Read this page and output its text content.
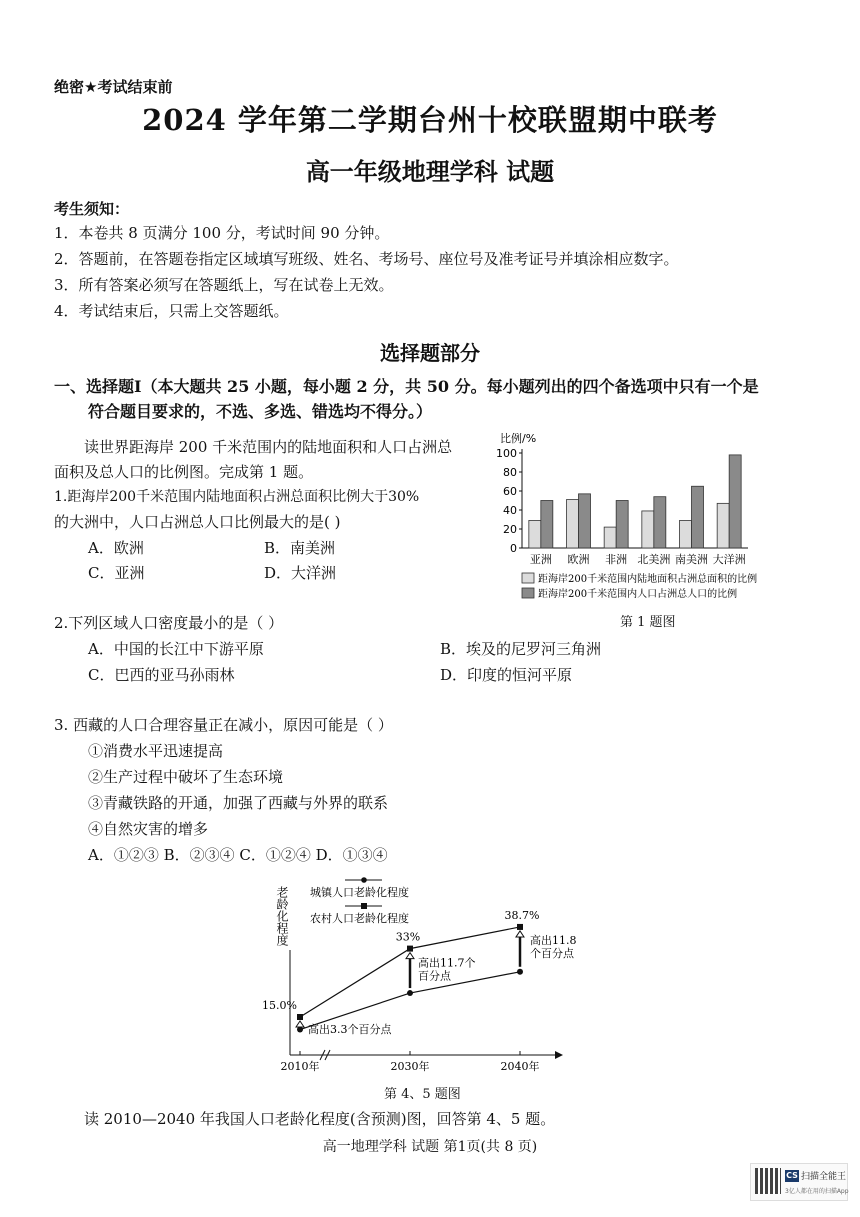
绝密★考试结束前
2024 学年第二学期台州十校联盟期中联考
高一年级地理学科 试题
考生须知：
1．本卷共 8 页满分 100 分，考试时间 90 分钟。
2．答题前，在答题卷指定区域填写班级、姓名、考场号、座位号及准考证号并填涂相应数字。
3．所有答案必须写在答题纸上，写在试卷上无效。
4．考试结束后，只需上交答题纸。
选择题部分
一、选择题Ⅰ（本大题共 25 小题，每小题 2 分，共 50 分。每小题列出的四个备选项中只有一个是
符合题目要求的，不选、多选、错选均不得分。）
读世界距海岸 200 千米范围内的陆地面积和人口占洲总
面积及总人口的比例图。完成第 1 题。
1.距海岸200千米范围内陆地面积占洲总面积比例大于30%
的大洲中，人口占洲总人口比例最大的是( )
A．欧洲	B．南美洲
C．亚洲	D．大洋洲
比例/%
0
20
40
60
80
100
亚洲 欧洲 非洲 北美洲 南美洲 大洋洲
距海岸200千米范围内陆地面积占洲总面积的比例
距海岸200千米范围内人口占洲总人口的比例
第 1 题图
2.下列区域人口密度最小的是（ ）
A．中国的长江中下游平原	B．埃及的尼罗河三角洲
C．巴西的亚马孙雨林	D．印度的恒河平原
3. 西藏的人口合理容量正在减小，原因可能是（ ）
①消费水平迅速提高
②生产过程中破坏了生态环境
③青藏铁路的开通，加强了西藏与外界的联系
④自然灾害的增多
A．①②③ B．②③④ C．①②④ D．①③④
老龄化程度 城镇人口老龄化程度
农村人口老龄化程度
15.0%
33%
38.7%
高出3.3个百分点
高出11.7个
百分点
高出11.8
个百分点
2010年	2030年	2040年
第 4、5 题图
读 2010—2040 年我国人口老龄化程度(含预测)图，回答第 4、5 题。
高一地理学科 试题 第1页(共 8 页)
CS 扫描全能王
3亿人都在用的扫描App
